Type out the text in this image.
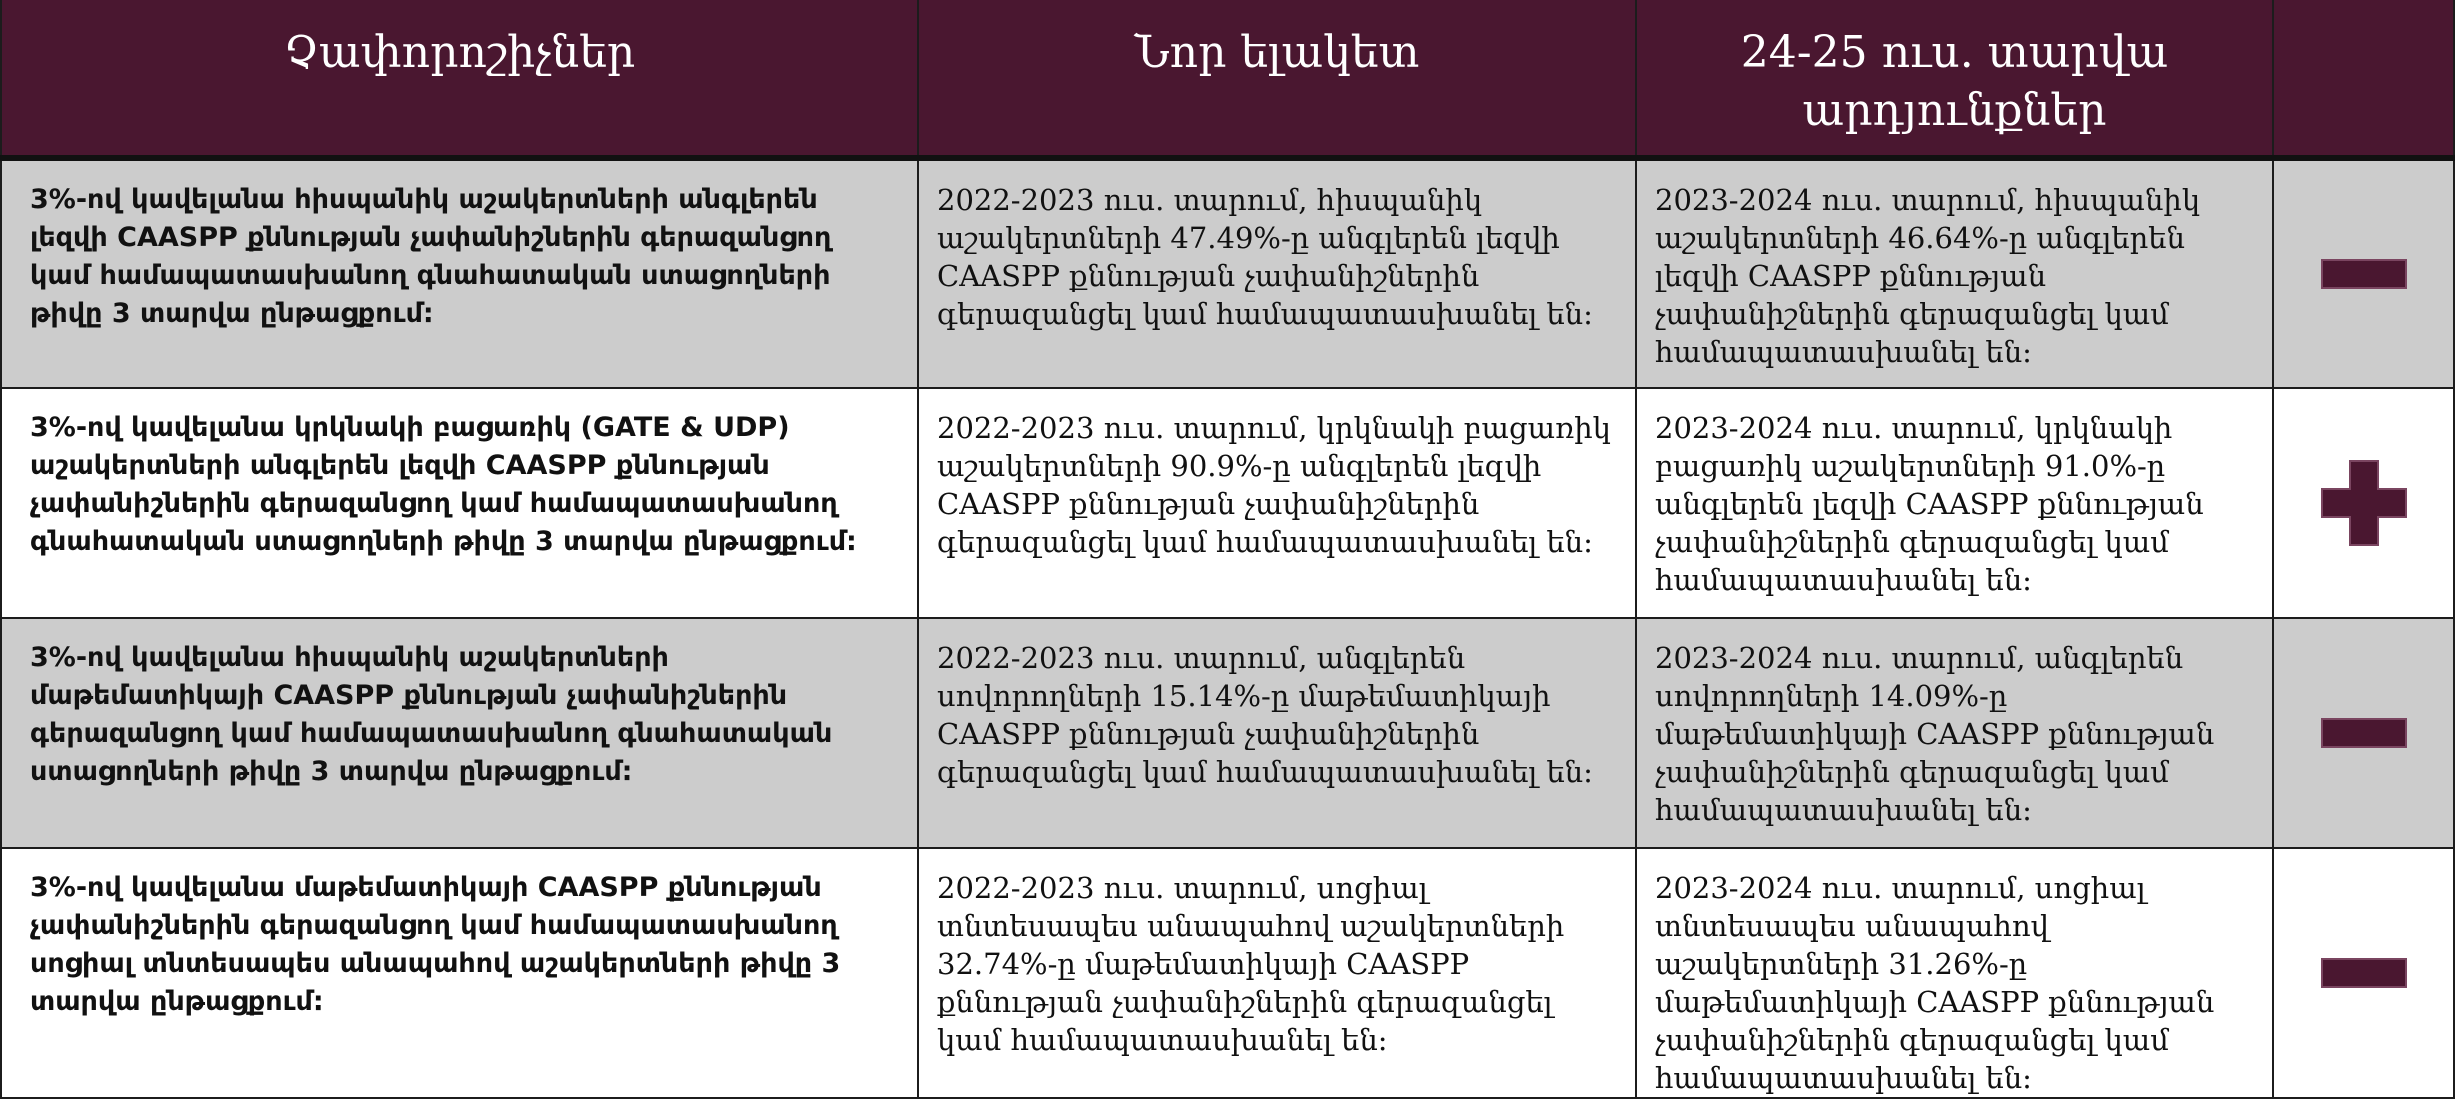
Չափորոշիչներ	Նոր ելակետ	24-25 ուս. տարվա արդյունքներ	
3%-ով կավելանա հիսպանիկ աշակերտների անգլերեն լեզվի CAASPP քննության չափանիշներին գերազանցող կամ համապատասխանող գնահատական ստացողների թիվը 3 տարվա ընթացքում:	2022-2023 ուս. տարում, հիսպանիկ աշակերտների 47.49%-ը անգլերեն լեզվի CAASPP քննության չափանիշներին գերազանցել կամ համապատասխանել են:	2023-2024 ուս. տարում, հիսպանիկ աշակերտների 46.64%-ը անգլերեն լեզվի CAASPP քննության չափանիշներին գերազանցել կամ համապատասխանել են:	

3%-ով կավելանա կրկնակի բացառիկ (GATE & UDP) աշակերտների անգլերեն լեզվի CAASPP քննության չափանիշներին գերազանցող կամ համապատասխանող գնահատական ստացողների թիվը 3 տարվա ընթացքում:	2022-2023 ուս. տարում, կրկնակի բացառիկ աշակերտների 90.9%-ը անգլերեն լեզվի CAASPP քննության չափանիշներին գերազանցել կամ համապատասխանել են:	2023-2024 ուս. տարում, կրկնակի բացառիկ աշակերտների 91.0%-ը անգլերեն լեզվի CAASPP քննության չափանիշներին գերազանցել կամ համապատասխանել են:	

3%-ով կավելանա հիսպանիկ աշակերտների մաթեմատիկայի CAASPP քննության չափանիշներին գերազանցող կամ համապատասխանող գնահատական ստացողների թիվը 3 տարվա ընթացքում:	2022-2023 ուս. տարում, անգլերեն սովորողների 15.14%-ը մաթեմատիկայի CAASPP քննության չափանիշներին գերազանցել կամ համապատասխանել են:	2023-2024 ուս. տարում, անգլերեն սովորողների 14.09%-ը մաթեմատիկայի CAASPP քննության չափանիշներին գերազանցել կամ համապատասխանել են:	

3%-ով կավելանա մաթեմատիկայի CAASPP քննության չափանիշներին գերազանցող կամ համապատասխանող սոցիալ տնտեսապես անապահով աշակերտների թիվը 3 տարվա ընթացքում:	2022-2023 ուս. տարում, սոցիալ տնտեսապես անապահով աշակերտների 32.74%-ը մաթեմատիկայի CAASPP քննության չափանիշներին գերազանցել կամ համապատասխանել են:	2023-2024 ուս. տարում, սոցիալ տնտեսապես անապահով աշակերտների 31.26%-ը մաթեմատիկայի CAASPP քննության չափանիշներին գերազանցել կամ համապատասխանել են:	
